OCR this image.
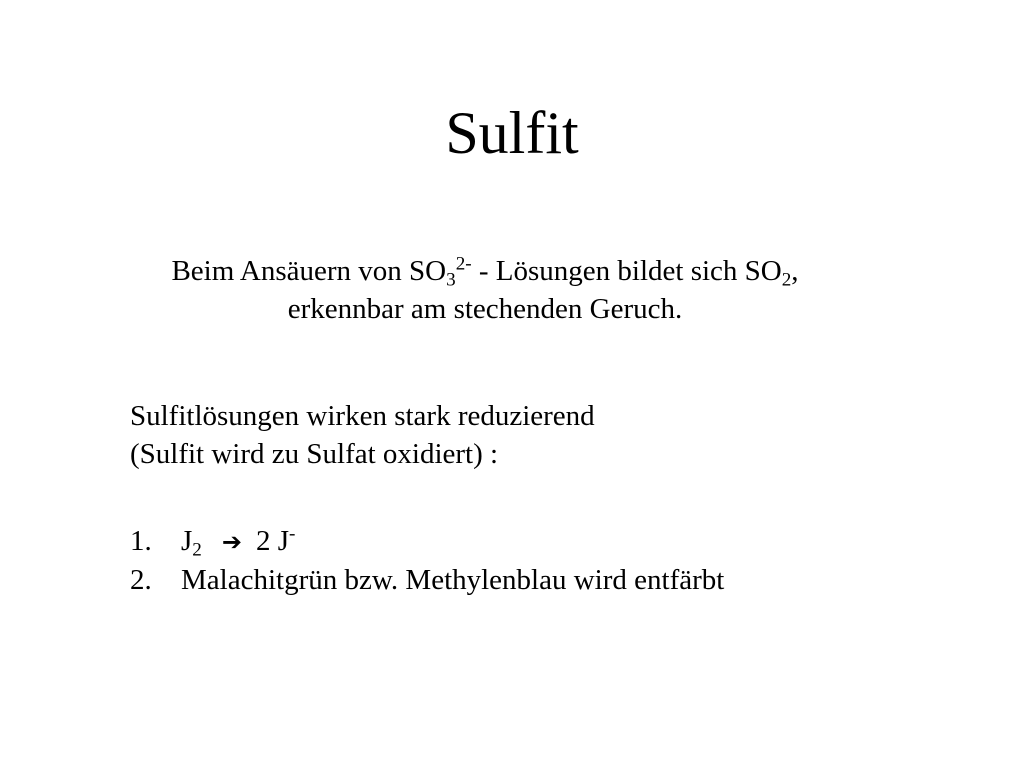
Sulfit
Beim Ansäuern von $SO_3^{2-}$ - Lösungen bildet sich $SO_2$,
erkennbar am stechenden Geruch.
Sulfitlösungen wirken stark reduzierend
(Sulfit wird zu Sulfat oxidiert) :
1. $J_2$ ➔ 2 J-
2. Malachitgrün bzw. Methylenblau wird entfärbt
